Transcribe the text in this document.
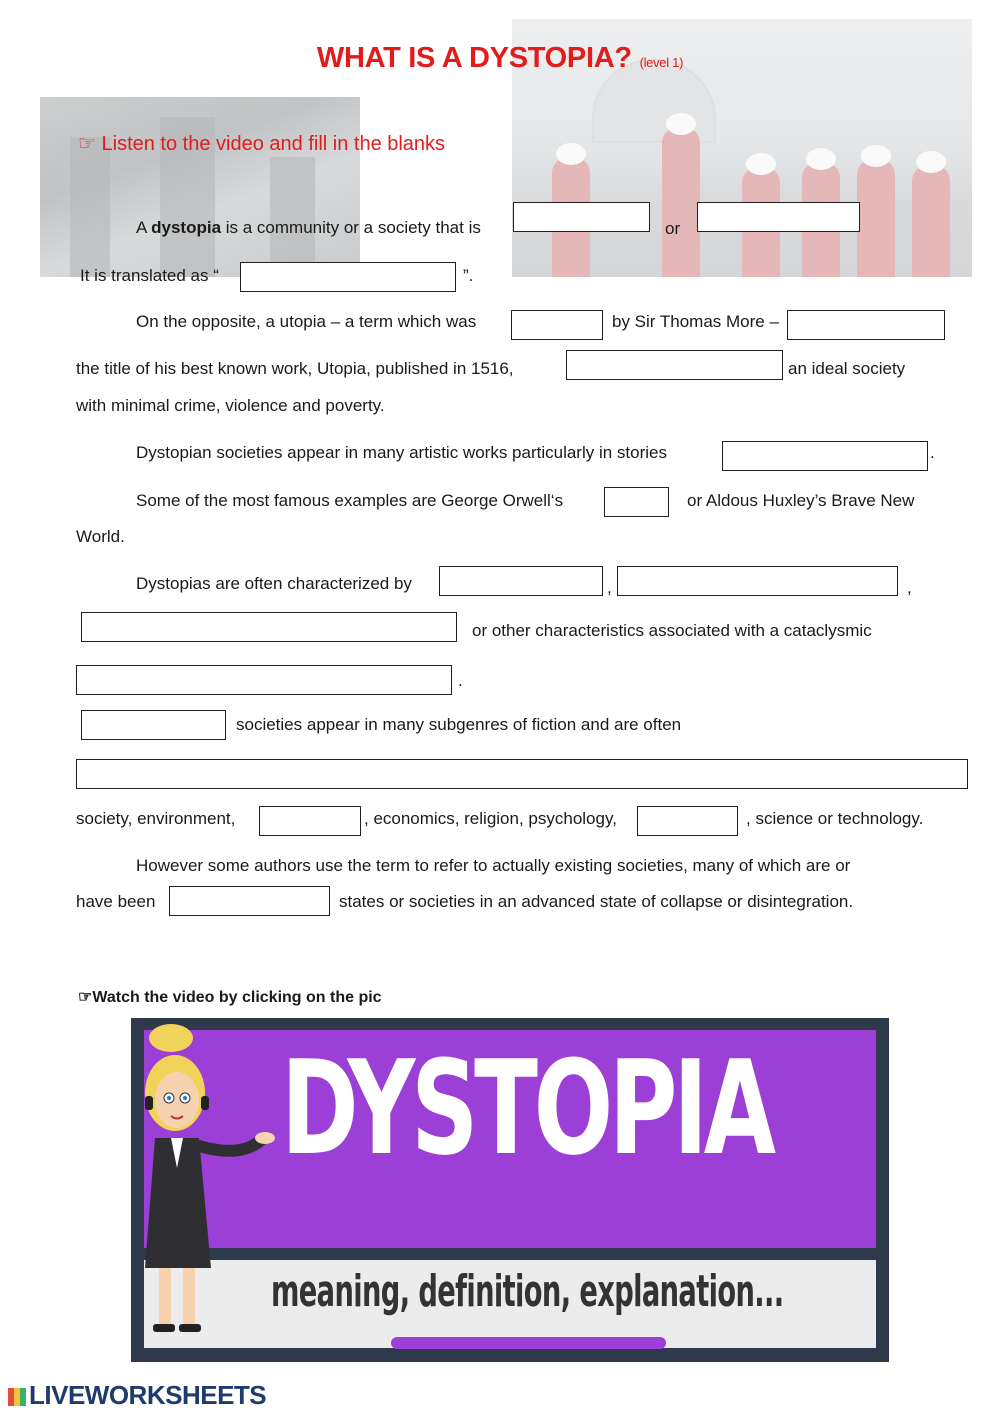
WHAT IS A DYSTOPIA? (level 1)
☞ Listen to the video and fill in the blanks
A dystopia is a community or a society that is	or
It is translated as “	”.
On the opposite, a utopia – a term which was	by Sir Thomas More –
the title of his best known work, Utopia, published in 1516,	an ideal society
with minimal crime, violence and poverty.
Dystopian societies appear in many artistic works particularly in stories	.
Some of the most famous examples are George Orwell‘s	or Aldous Huxley’s Brave New
World.
Dystopias are often characterized by	,	,
or other characteristics associated with a cataclysmic
.
societies appear in many subgenres of fiction and are often
society, environment,	, economics, religion, psychology,	, science or technology.
However some authors use the term to refer to actually existing societies, many of which are or
have been	states or societies in an advanced state of collapse or disintegration.
☞Watch the video by clicking on the pic
DYSTOPIA
meaning, definition, explanation...
LIVEWORKSHEETS
